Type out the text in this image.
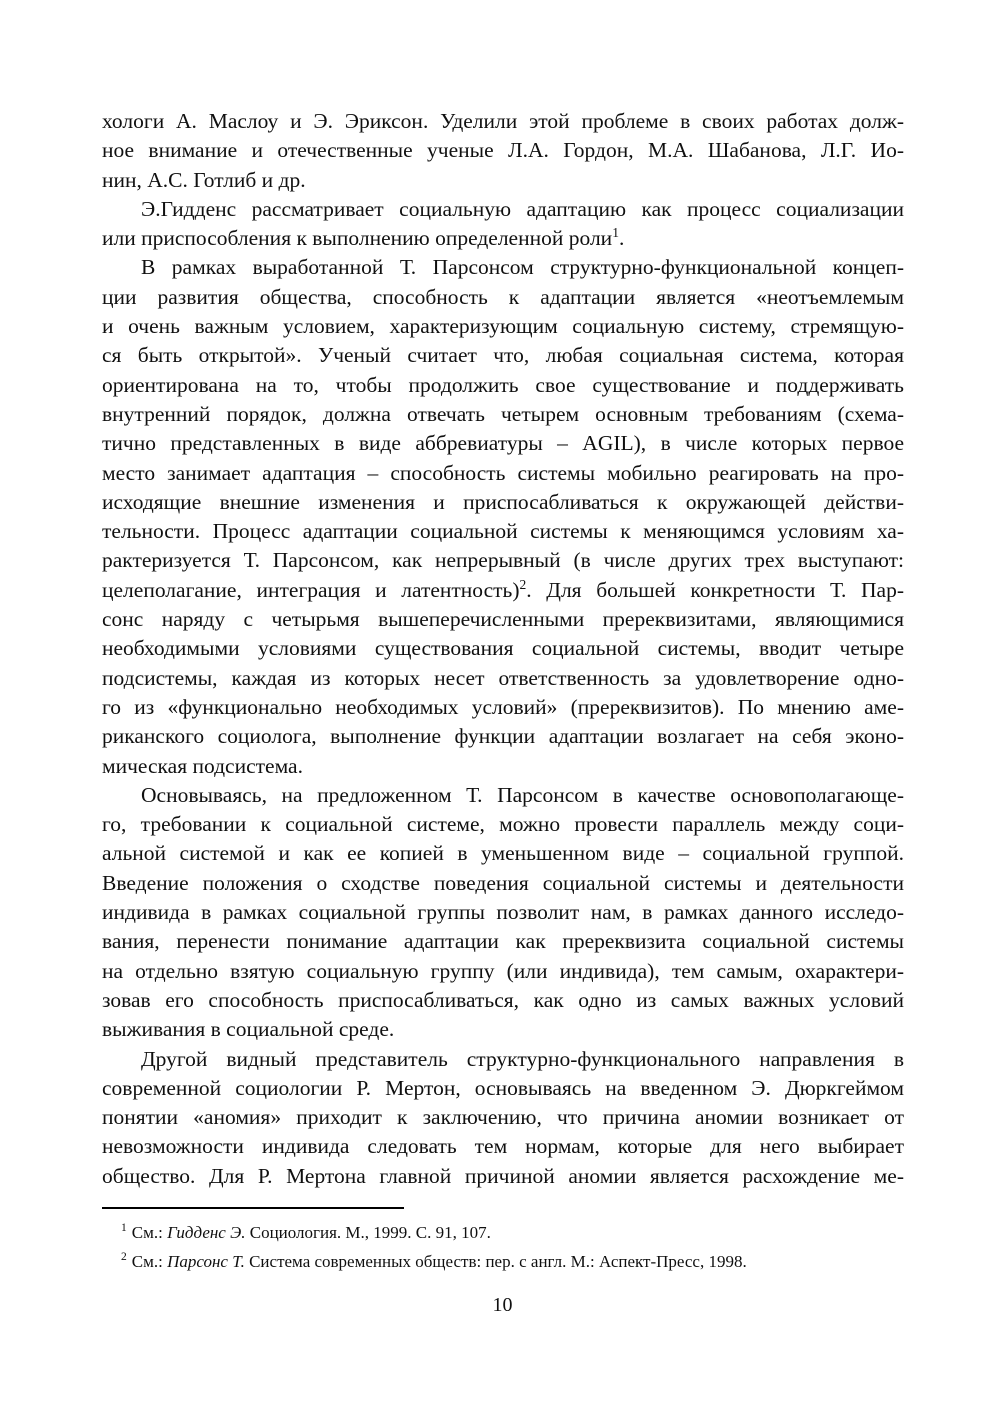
хологи А. Маслоу и Э. Эриксон. Уделили этой проблеме в своих работах долж-
ное внимание и отечественные ученые Л.А. Гордон, М.А. Шабанова, Л.Г. Ио-
нин, А.С. Готлиб и др.
Э.Гидденс рассматривает социальную адаптацию как процесс социализации
или приспособления к выполнению определенной роли$^1$.
В рамках выработанной Т. Парсонсом структурно-функциональной концеп-
ции развития общества, способность к адаптации является «неотъемлемым
и очень важным условием, характеризующим социальную систему, стремящую-
ся быть открытой». Ученый считает что, любая социальная система, которая
ориентирована на то, чтобы продолжить свое существование и поддерживать
внутренний порядок, должна отвечать четырем основным требованиям (схема-
тично представленных в виде аббревиатуры – AGIL), в числе которых первое
место занимает адаптация – способность системы мобильно реагировать на про-
исходящие внешние изменения и приспосабливаться к окружающей действи-
тельности. Процесс адаптации социальной системы к меняющимся условиям ха-
рактеризуется Т. Парсонсом, как непрерывный (в числе других трех выступают:
целеполагание, интеграция и латентность)$^2$. Для большей конкретности Т. Пар-
сонс наряду с четырьмя вышеперечисленными пререквизитами, являющимися
необходимыми условиями существования социальной системы, вводит четыре
подсистемы, каждая из которых несет ответственность за удовлетворение одно-
го из «функционально необходимых условий» (пререквизитов). По мнению аме-
риканского социолога, выполнение функции адаптации возлагает на себя эконо-
мическая подсистема.
Основываясь, на предложенном Т. Парсонсом в качестве основополагающе-
го, требовании к социальной системе, можно провести параллель между соци-
альной системой и как ее копией в уменьшенном виде – социальной группой.
Введение положения о сходстве поведения социальной системы и деятельности
индивида в рамках социальной группы позволит нам, в рамках данного исследо-
вания, перенести понимание адаптации как пререквизита социальной системы
на отдельно взятую социальную группу (или индивида), тем самым, охарактери-
зовав его способность приспосабливаться, как одно из самых важных условий
выживания в социальной среде.
Другой видный представитель структурно-функционального направления в
современной социологии Р. Мертон, основываясь на введенном Э. Дюркгеймом
понятии «аномия» приходит к заключению, что причина аномии возникает от
невозможности индивида следовать тем нормам, которые для него выбирает
общество. Для Р. Мертона главной причиной аномии является расхождение ме-
$^1$ См.: Гидденс Э. Социология. М., 1999. С. 91, 107.
$^2$ См.: Парсонс Т. Система современных обществ: пер. с англ. М.: Аспект-Пресс, 1998.
10
